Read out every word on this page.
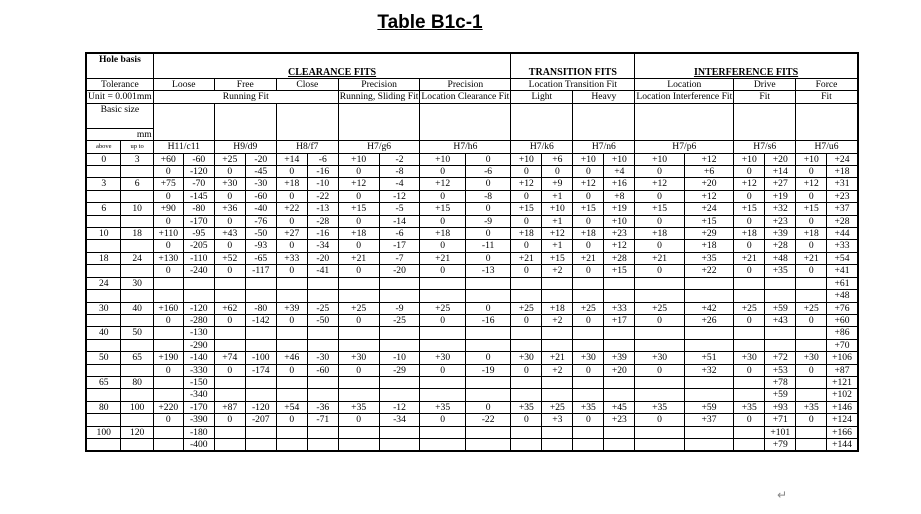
Table B1c-1
Hole basis		CLEARANCE FITS										TRANSITION FITS				INTERFERENCE FITS					
Tolerance		Loose		Free		Close		Precision		Precision		Location Transition Fit				Location		Drive		Force	
Unit = 0.001mm		Running Fit						Running, Sliding Fit		Location Clearance Fit		Light		Heavy		Location Interference Fit		Fit		Fit	
Basic size																					
mm																					
above	up to	H11/c11		H9/d9		H8/f7		H7/g6		H7/h6		H7/k6		H7/n6		H7/p6		H7/s6		H7/u6	
0	3	+60	-60	+25	-20	+14	-6	+10	-2	+10	0	+10	+6	+10	+10	+10	+12	+10	+20	+10	+24
		0	-120	0	-45	0	-16	0	-8	0	-6	0	0	0	+4	0	+6	0	+14	0	+18
3	6	+75	-70	+30	-30	+18	-10	+12	-4	+12	0	+12	+9	+12	+16	+12	+20	+12	+27	+12	+31
		0	-145	0	-60	0	-22	0	-12	0	-8	0	+1	0	+8	0	+12	0	+19	0	+23
6	10	+90	-80	+36	-40	+22	-13	+15	-5	+15	0	+15	+10	+15	+19	+15	+24	+15	+32	+15	+37
		0	-170	0	-76	0	-28	0	-14	0	-9	0	+1	0	+10	0	+15	0	+23	0	+28
10	18	+110	-95	+43	-50	+27	-16	+18	-6	+18	0	+18	+12	+18	+23	+18	+29	+18	+39	+18	+44
		0	-205	0	-93	0	-34	0	-17	0	-11	0	+1	0	+12	0	+18	0	+28	0	+33
18	24	+130	-110	+52	-65	+33	-20	+21	-7	+21	0	+21	+15	+21	+28	+21	+35	+21	+48	+21	+54
		0	-240	0	-117	0	-41	0	-20	0	-13	0	+2	0	+15	0	+22	0	+35	0	+41
24	30																				+61
																					+48
30	40	+160	-120	+62	-80	+39	-25	+25	-9	+25	0	+25	+18	+25	+33	+25	+42	+25	+59	+25	+76
		0	-280	0	-142	0	-50	0	-25	0	-16	0	+2	0	+17	0	+26	0	+43	0	+60
40	50		-130																		+86
			-290																		+70
50	65	+190	-140	+74	-100	+46	-30	+30	-10	+30	0	+30	+21	+30	+39	+30	+51	+30	+72	+30	+106
		0	-330	0	-174	0	-60	0	-29	0	-19	0	+2	0	+20	0	+32	0	+53	0	+87
65	80		-150																+78		+121
			-340																+59		+102
80	100	+220	-170	+87	-120	+54	-36	+35	-12	+35	0	+35	+25	+35	+45	+35	+59	+35	+93	+35	+146
		0	-390	0	-207	0	-71	0	-34	0	-22	0	+3	0	+23	0	+37	0	+71	0	+124
100	120		-180																+101		+166
			-400																+79		+144
↵
